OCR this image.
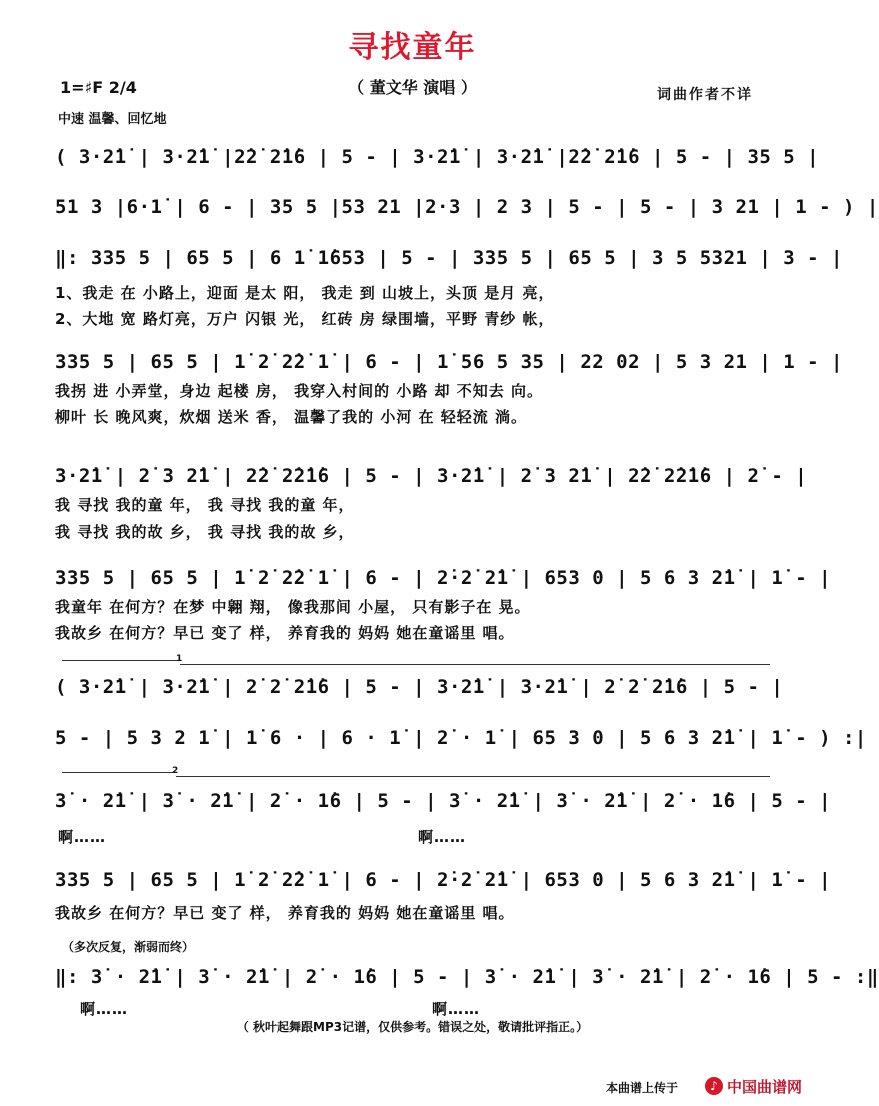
寻找童年
1=♯F 2/4	（ 董文华 演唱 ）	词曲作者不详
中速 温馨、回忆地
( 3·2̇1̇ | 3·2̇1̇ |2̇2̇ 2̇1̇6 | 5 - | 3·2̇1̇ | 3·2̇1̇ |2̇2̇ 2̇1̇6 | 5 - | 35 5 |
51 3 |6·1̇ | 6 - | 35 5 |53 21 |2·3 | 2 3 | 5 - | 5 - | 3 21 | 1 - ) |
‖: 335 5 | 65 5 | 6 1̇ 1̇653 | 5 - | 335 5 | 65 5 | 3 5 5321 | 3 - |
1、我走 在 小路上，迎面 是太 阳， 我走 到 山坡上，头顶 是月 亮，
2、大地 宽 路灯亮，万户 闪银 光， 红砖 房 绿围墙，平野 青纱 帐，
335 5 | 65 5 | 1̇ 2̇ 2̇2̇ 1̇ | 6 - | 1̇ 56 5 35 | 22 02 | 5 3 21 | 1 - |
我拐 进 小弄堂，身边 起楼 房， 我穿入村间的 小路 却 不知去 向。
柳叶 长 晚风爽，炊烟 送米 香， 温馨了我的 小河 在 轻轻流 淌。
3·2̇1̇ | 2̇ 3 2̇1̇ | 2̇2̇ 2̇2̇1̇6 | 5 - | 3·2̇1̇ | 2̇ 3 2̇1̇ | 2̇2̇ 2̇2̇1̇6 | 2̇ - |
我 寻找 我的童 年， 我 寻找 我的童 年，
我 寻找 我的故 乡， 我 寻找 我的故 乡，
335 5 | 65 5 | 1̇ 2̇ 2̇2̇ 1̇ | 6 - | 2̇·2̇ 2̇1̇ | 653 0 | 5 6 3 2̇1̇ | 1̇ - |
我童年 在何方？在梦 中翱 翔， 像我那间 小屋， 只有影子在 晃。
我故乡 在何方？早已 变了 样， 养育我的 妈妈 她在童谣里 唱。
1
( 3·2̇1̇ | 3·2̇1̇ | 2̇ 2̇ 2̇1̇6 | 5 - | 3·2̇1̇ | 3·2̇1̇ | 2̇ 2̇ 2̇1̇6 | 5 - |
5 - | 5 3 2 1̇ | 1̇ 6 · | 6 · 1̇ | 2̇ · 1̇ | 65 3 0 | 5 6 3 2̇1̇ | 1̇ - ) :|
2
3̇ · 2̇1̇ | 3̇ · 2̇1̇ | 2̇ · 1̇6 | 5 - | 3̇ · 2̇1̇ | 3̇ · 2̇1̇ | 2̇ · 1̇6 | 5 - |
啊……	啊……
335 5 | 65 5 | 1̇ 2̇ 2̇2̇ 1̇ | 6 - | 2̇·2̇ 2̇1̇ | 653 0 | 5 6 3 2̇1̇ | 1̇ - |
我故乡 在何方？早已 变了 样， 养育我的 妈妈 她在童谣里 唱。
（多次反复，渐弱而终）
‖: 3̇ · 2̇1̇ | 3̇ · 2̇1̇ | 2̇ · 1̇6 | 5 - | 3̇ · 2̇1̇ | 3̇ · 2̇1̇ | 2̇ · 1̇6 | 5 - :‖
啊……	啊……
（ 秋叶起舞跟MP3记谱，仅供参考。错误之处，敬请批评指正。）
本曲谱上传于	♪ 中国曲谱网
